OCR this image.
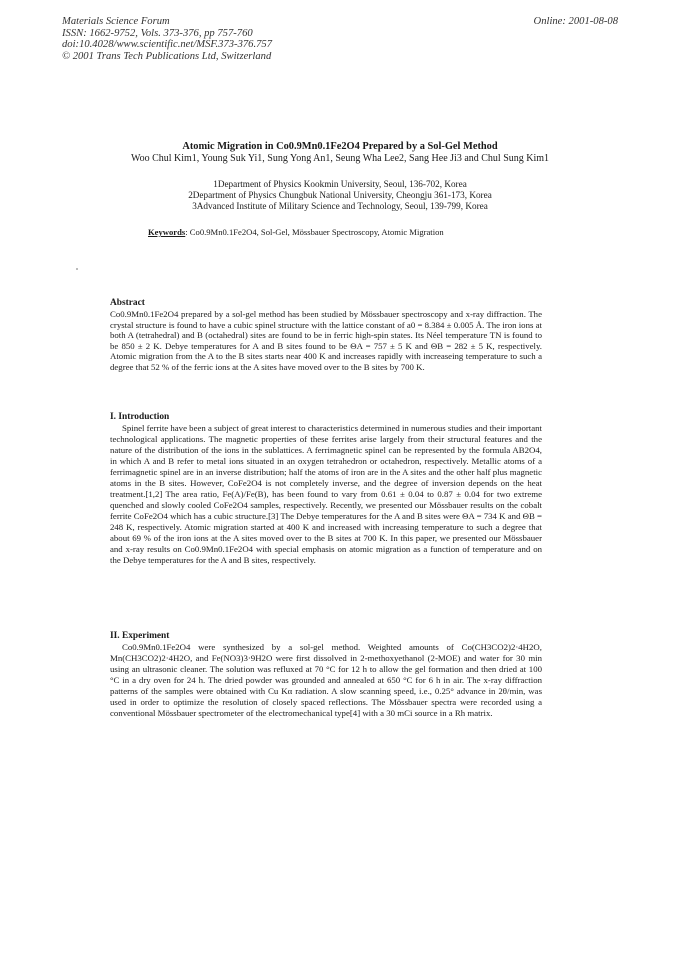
Materials Science Forum
ISSN: 1662-9752, Vols. 373-376, pp 757-760
doi:10.4028/www.scientific.net/MSF.373-376.757
© 2001 Trans Tech Publications Ltd, Switzerland
Online: 2001-08-08
Atomic Migration in Co0.9Mn0.1Fe2O4 Prepared by a Sol-Gel Method
Woo Chul Kim1, Young Suk Yi1, Sung Yong An1, Seung Wha Lee2, Sang Hee Ji3 and Chul Sung Kim1
1Department of Physics Kookmin University, Seoul, 136-702, Korea
2Department of Physics Chungbuk National University, Cheongju 361-173, Korea
3Advanced Institute of Military Science and Technology, Seoul, 139-799, Korea
Keywords: Co0.9Mn0.1Fe2O4, Sol-Gel, Mössbauer Spectroscopy, Atomic Migration
Abstract

Co0.9Mn0.1Fe2O4 prepared by a sol-gel method has been studied by Mössbauer spectroscopy and x-ray diffraction. The crystal structure is found to have a cubic spinel structure with the lattice constant of a0 = 8.384 ± 0.005 Å. The iron ions at both A (tetrahedral) and B (octahedral) sites are found to be in ferric high-spin states. Its Néel temperature TN is found to be 850 ± 2 K. Debye temperatures for A and B sites found to be ΘA = 757 ± 5 K and ΘB = 282 ± 5 K, respectively. Atomic migration from the A to the B sites starts near 400 K and increases rapidly with increaseing temperature to such a degree that 52 % of the ferric ions at the A sites have moved over to the B sites by 700 K.

I. Introduction

Spinel ferrite have been a subject of great interest to characteristics determined in numerous studies and their important technological applications. The magnetic properties of these ferrites arise largely from their structural features and the nature of the distribution of the ions in the sublattices. A ferrimagnetic spinel can be represented by the formula AB2O4, in which A and B refer to metal ions situated in an oxygen tetrahedron or octahedron, respectively. Metallic atoms of a ferrimagnetic spinel are in an inverse distribution; half the atoms of iron are in the A sites and the other half plus magnetic atoms in the B sites. However, CoFe2O4 is not completely inverse, and the degree of inversion depends on the heat treatment.[1,2] The area ratio, Fe(A)/Fe(B), has been found to vary from 0.61 ± 0.04 to 0.87 ± 0.04 for two extreme quenched and slowly cooled CoFe2O4 samples, respectively. Recently, we presented our Mössbauer results on the cobalt ferrite CoFe2O4 which has a cubic structure.[3] The Debye temperatures for the A and B sites were ΘA = 734 K and ΘB = 248 K, respectively. Atomic migration started at 400 K and increased with increasing temperature to such a degree that about 69 % of the iron ions at the A sites moved over to the B sites at 700 K. In this paper, we presented our Mössbauer and x-ray results on Co0.9Mn0.1Fe2O4 with special emphasis on atomic migration as a function of temperature and on the Debye temperatures for the A and B sites, respectively.

II. Experiment

Co0.9Mn0.1Fe2O4 were synthesized by a sol-gel method. Weighted amounts of Co(CH3CO2)2·4H2O, Mn(CH3CO2)2·4H2O, and Fe(NO3)3·9H2O were first dissolved in 2-methoxyethanol (2-MOE) and water for 30 min using an ultrasonic cleaner. The solution was refluxed at 70 °C for 12 h to allow the gel formation and then dried at 100 °C in a dry oven for 24 h. The dried powder was grounded and annealed at 650 °C for 6 h in air. The x-ray diffraction patterns of the samples were obtained with Cu Kα radiation. A slow scanning speed, i.e., 0.25° advance in 2θ/min, was used in order to optimize the resolution of closely spaced reflections. The Mössbauer spectra were recorded using a conventional Mössbauer spectrometer of the electromechanical type[4] with a 30 mCi source in a Rh matrix.
